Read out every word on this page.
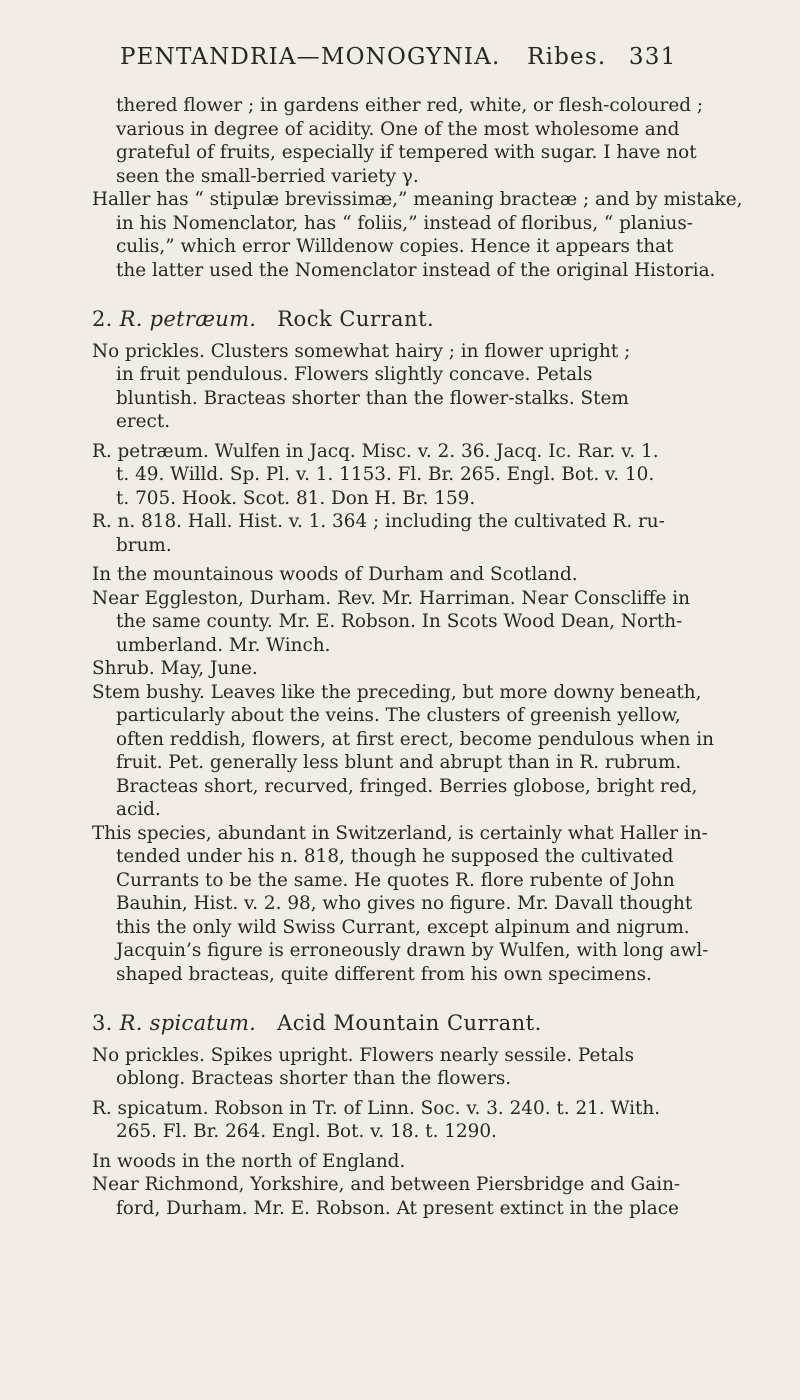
PENTANDRIA—MONOGYNIA. Ribes. 331

thered flower ; in gardens either red, white, or flesh-coloured ;

various in degree of acidity. One of the most wholesome and

grateful of fruits, especially if tempered with sugar. I have not

seen the small-berried variety γ.

Haller has “ stipulæ brevissimæ,” meaning bracteæ ; and by mistake,

in his Nomenclator, has “ foliis,” instead of floribus, “ planius-

culis,” which error Willdenow copies. Hence it appears that

the latter used the Nomenclator instead of the original Historia.

2. R. petræum. Rock Currant.

No prickles. Clusters somewhat hairy ; in flower upright ;

in fruit pendulous. Flowers slightly concave. Petals

bluntish. Bracteas shorter than the flower-stalks. Stem

erect.

R. petræum. Wulfen in Jacq. Misc. v. 2. 36. Jacq. Ic. Rar. v. 1.

t. 49. Willd. Sp. Pl. v. 1. 1153. Fl. Br. 265. Engl. Bot. v. 10.

t. 705. Hook. Scot. 81. Don H. Br. 159.

R. n. 818. Hall. Hist. v. 1. 364 ; including the cultivated R. ru-

brum.

In the mountainous woods of Durham and Scotland.

Near Eggleston, Durham. Rev. Mr. Harriman. Near Conscliffe in

the same county. Mr. E. Robson. In Scots Wood Dean, North-

umberland. Mr. Winch.

Shrub. May, June.

Stem bushy. Leaves like the preceding, but more downy beneath,

particularly about the veins. The clusters of greenish yellow,

often reddish, flowers, at first erect, become pendulous when in

fruit. Pet. generally less blunt and abrupt than in R. rubrum.

Bracteas short, recurved, fringed. Berries globose, bright red,

acid.

This species, abundant in Switzerland, is certainly what Haller in-

tended under his n. 818, though he supposed the cultivated

Currants to be the same. He quotes R. flore rubente of John

Bauhin, Hist. v. 2. 98, who gives no figure. Mr. Davall thought

this the only wild Swiss Currant, except alpinum and nigrum.

Jacquin’s figure is erroneously drawn by Wulfen, with long awl-

shaped bracteas, quite different from his own specimens.

3. R. spicatum. Acid Mountain Currant.

No prickles. Spikes upright. Flowers nearly sessile. Petals

oblong. Bracteas shorter than the flowers.

R. spicatum. Robson in Tr. of Linn. Soc. v. 3. 240. t. 21. With.

265. Fl. Br. 264. Engl. Bot. v. 18. t. 1290.

In woods in the north of England.

Near Richmond, Yorkshire, and between Piersbridge and Gain-

ford, Durham. Mr. E. Robson. At present extinct in the place
